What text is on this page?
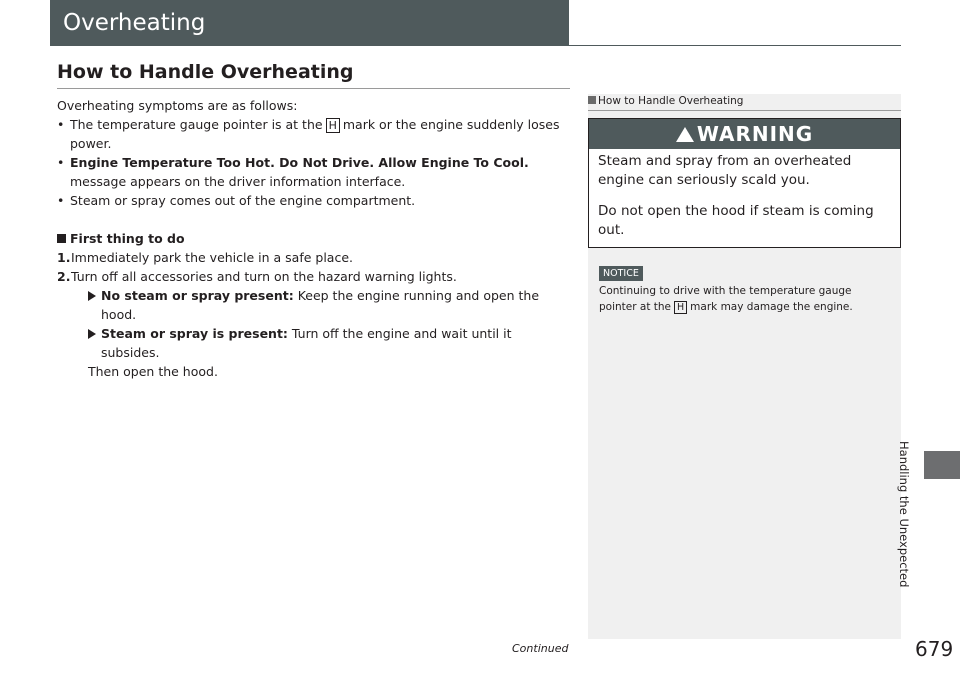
Overheating
How to Handle Overheating

Overheating symptoms are as follows:

• The temperature gauge pointer is at the H mark or the engine suddenly loses power.

• Engine Temperature Too Hot. Do Not Drive. Allow Engine To Cool.
message appears on the driver information interface.

• Steam or spray comes out of the engine compartment.

First thing to do

1. Immediately park the vehicle in a safe place.

2. Turn off all accessories and turn on the hazard warning lights.

No steam or spray present: Keep the engine running and open the hood.

Steam or spray is present: Turn off the engine and wait until it subsides.

Then open the hood.

How to Handle Overheating
WARNING

Steam and spray from an overheated engine can seriously scald you.

Do not open the hood if steam is coming out.

NOTICE
Continuing to drive with the temperature gauge pointer at the H mark may damage the engine.
Handling the Unexpected
Continued	679
